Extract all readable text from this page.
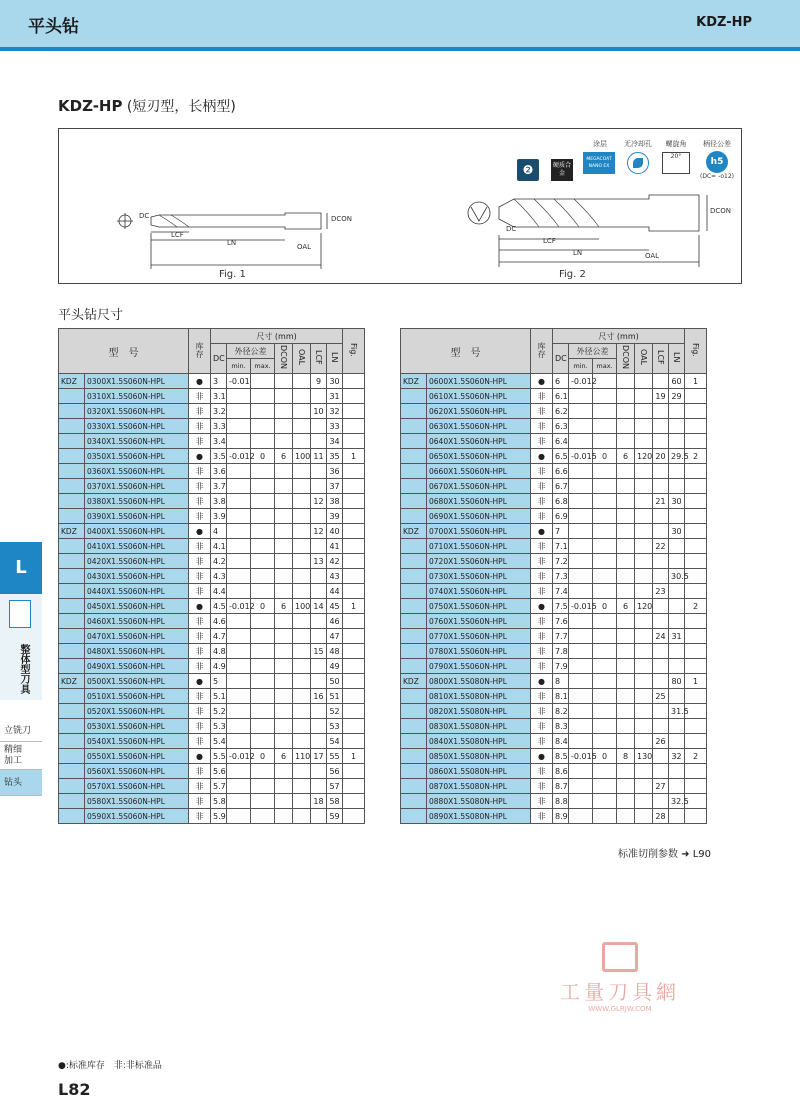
平头钻	KDZ-HP
KDZ-HP (短刃型，长柄型)
DC
LCF
LN	OAL
DCON
Fig. 1
DC
LCF
LN	OAL
DCON
Fig. 2
❷	硬质合金
涂层
MEGACOAT NANO EX
无冷却孔	螺旋角
20°
柄径公差
h5
(DC= -o12)
平头钻尺寸
型　号		库存	尺寸 (mm)							Fig.
			DC	外径公差		DCON	OAL	LCF	LN	
				min.	max.					
KDZ	0300X1.5S060N-HPL	●	3	-0.01				9	30	
	0310X1.5S060N-HPL	非	3.1						31	
	0320X1.5S060N-HPL	非	3.2					10	32	
	0330X1.5S060N-HPL	非	3.3						33	
	0340X1.5S060N-HPL	非	3.4						34	
	0350X1.5S060N-HPL	●	3.5	-0.012	0	6	100	11	35	1
	0360X1.5S060N-HPL	非	3.6						36	
	0370X1.5S060N-HPL	非	3.7						37	
	0380X1.5S060N-HPL	非	3.8					12	38	
	0390X1.5S060N-HPL	非	3.9						39	
KDZ	0400X1.5S060N-HPL	●	4					12	40	
	0410X1.5S060N-HPL	非	4.1						41	
	0420X1.5S060N-HPL	非	4.2					13	42	
	0430X1.5S060N-HPL	非	4.3						43	
	0440X1.5S060N-HPL	非	4.4						44	
	0450X1.5S060N-HPL	●	4.5	-0.012	0	6	100	14	45	1
	0460X1.5S060N-HPL	非	4.6						46	
	0470X1.5S060N-HPL	非	4.7						47	
	0480X1.5S060N-HPL	非	4.8					15	48	
	0490X1.5S060N-HPL	非	4.9						49	
KDZ	0500X1.5S060N-HPL	●	5						50	
	0510X1.5S060N-HPL	非	5.1					16	51	
	0520X1.5S060N-HPL	非	5.2						52	
	0530X1.5S060N-HPL	非	5.3						53	
	0540X1.5S060N-HPL	非	5.4						54	
	0550X1.5S060N-HPL	●	5.5	-0.012	0	6	110	17	55	1
	0560X1.5S060N-HPL	非	5.6						56	
	0570X1.5S060N-HPL	非	5.7						57	
	0580X1.5S060N-HPL	非	5.8					18	58	
	0590X1.5S060N-HPL	非	5.9						59	
型　号		库存	尺寸 (mm)							Fig.
			DC	外径公差		DCON	OAL	LCF	LN	
				min.	max.					
KDZ	0600X1.5S060N-HPL	●	6	-0.012					60	1
	0610X1.5S060N-HPL	非	6.1					19	29	
	0620X1.5S060N-HPL	非	6.2							
	0630X1.5S060N-HPL	非	6.3							
	0640X1.5S060N-HPL	非	6.4							
	0650X1.5S060N-HPL	●	6.5	-0.015	0	6	120	20	29.5	2
	0660X1.5S060N-HPL	非	6.6							
	0670X1.5S060N-HPL	非	6.7							
	0680X1.5S060N-HPL	非	6.8					21	30	
	0690X1.5S060N-HPL	非	6.9							
KDZ	0700X1.5S060N-HPL	●	7						30	
	0710X1.5S060N-HPL	非	7.1					22		
	0720X1.5S060N-HPL	非	7.2							
	0730X1.5S060N-HPL	非	7.3						30.5	
	0740X1.5S060N-HPL	非	7.4					23		
	0750X1.5S060N-HPL	●	7.5	-0.015	0	6	120			2
	0760X1.5S060N-HPL	非	7.6							
	0770X1.5S060N-HPL	非	7.7					24	31	
	0780X1.5S060N-HPL	非	7.8							
	0790X1.5S060N-HPL	非	7.9							
KDZ	0800X1.5S080N-HPL	●	8						80	1
	0810X1.5S080N-HPL	非	8.1					25		
	0820X1.5S080N-HPL	非	8.2						31.5	
	0830X1.5S080N-HPL	非	8.3							
	0840X1.5S080N-HPL	非	8.4					26		
	0850X1.5S080N-HPL	●	8.5	-0.015	0	8	130		32	2
	0860X1.5S080N-HPL	非	8.6							
	0870X1.5S080N-HPL	非	8.7					27		
	0880X1.5S080N-HPL	非	8.8						32.5	
	0890X1.5S080N-HPL	非	8.9					28		
标准切削参数 ➜ L90
L
整体型刀具
立铣刀
精细加工
钻头
工量刀具網
WWW.GLRJW.COM
●:标准库存　非:非标准品
L82
